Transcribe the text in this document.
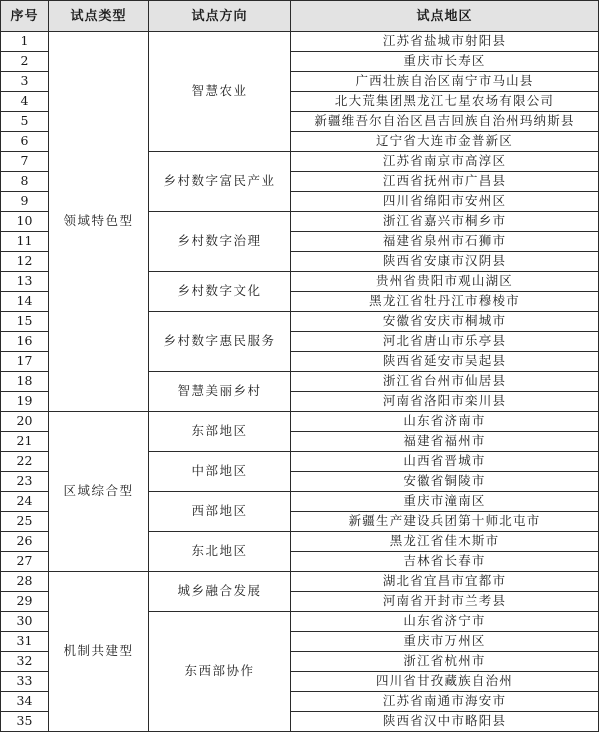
序号	试点类型	试点方向	试点地区
1	领域特色型	智慧农业	江苏省盐城市射阳县
2			重庆市长寿区
3			广西壮族自治区南宁市马山县
4			北大荒集团黑龙江七星农场有限公司
5			新疆维吾尔自治区昌吉回族自治州玛纳斯县
6			辽宁省大连市金普新区
7		乡村数字富民产业	江苏省南京市高淳区
8			江西省抚州市广昌县
9			四川省绵阳市安州区
10		乡村数字治理	浙江省嘉兴市桐乡市
11			福建省泉州市石狮市
12			陕西省安康市汉阴县
13		乡村数字文化	贵州省贵阳市观山湖区
14			黑龙江省牡丹江市穆棱市
15		乡村数字惠民服务	安徽省安庆市桐城市
16			河北省唐山市乐亭县
17			陕西省延安市吴起县
18		智慧美丽乡村	浙江省台州市仙居县
19			河南省洛阳市栾川县
20	区域综合型	东部地区	山东省济南市
21			福建省福州市
22		中部地区	山西省晋城市
23			安徽省铜陵市
24		西部地区	重庆市潼南区
25			新疆生产建设兵团第十师北屯市
26		东北地区	黑龙江省佳木斯市
27			吉林省长春市
28	机制共建型	城乡融合发展	湖北省宜昌市宜都市
29			河南省开封市兰考县
30		东西部协作	山东省济宁市
31			重庆市万州区
32			浙江省杭州市
33			四川省甘孜藏族自治州
34			江苏省南通市海安市
35			陕西省汉中市略阳县
